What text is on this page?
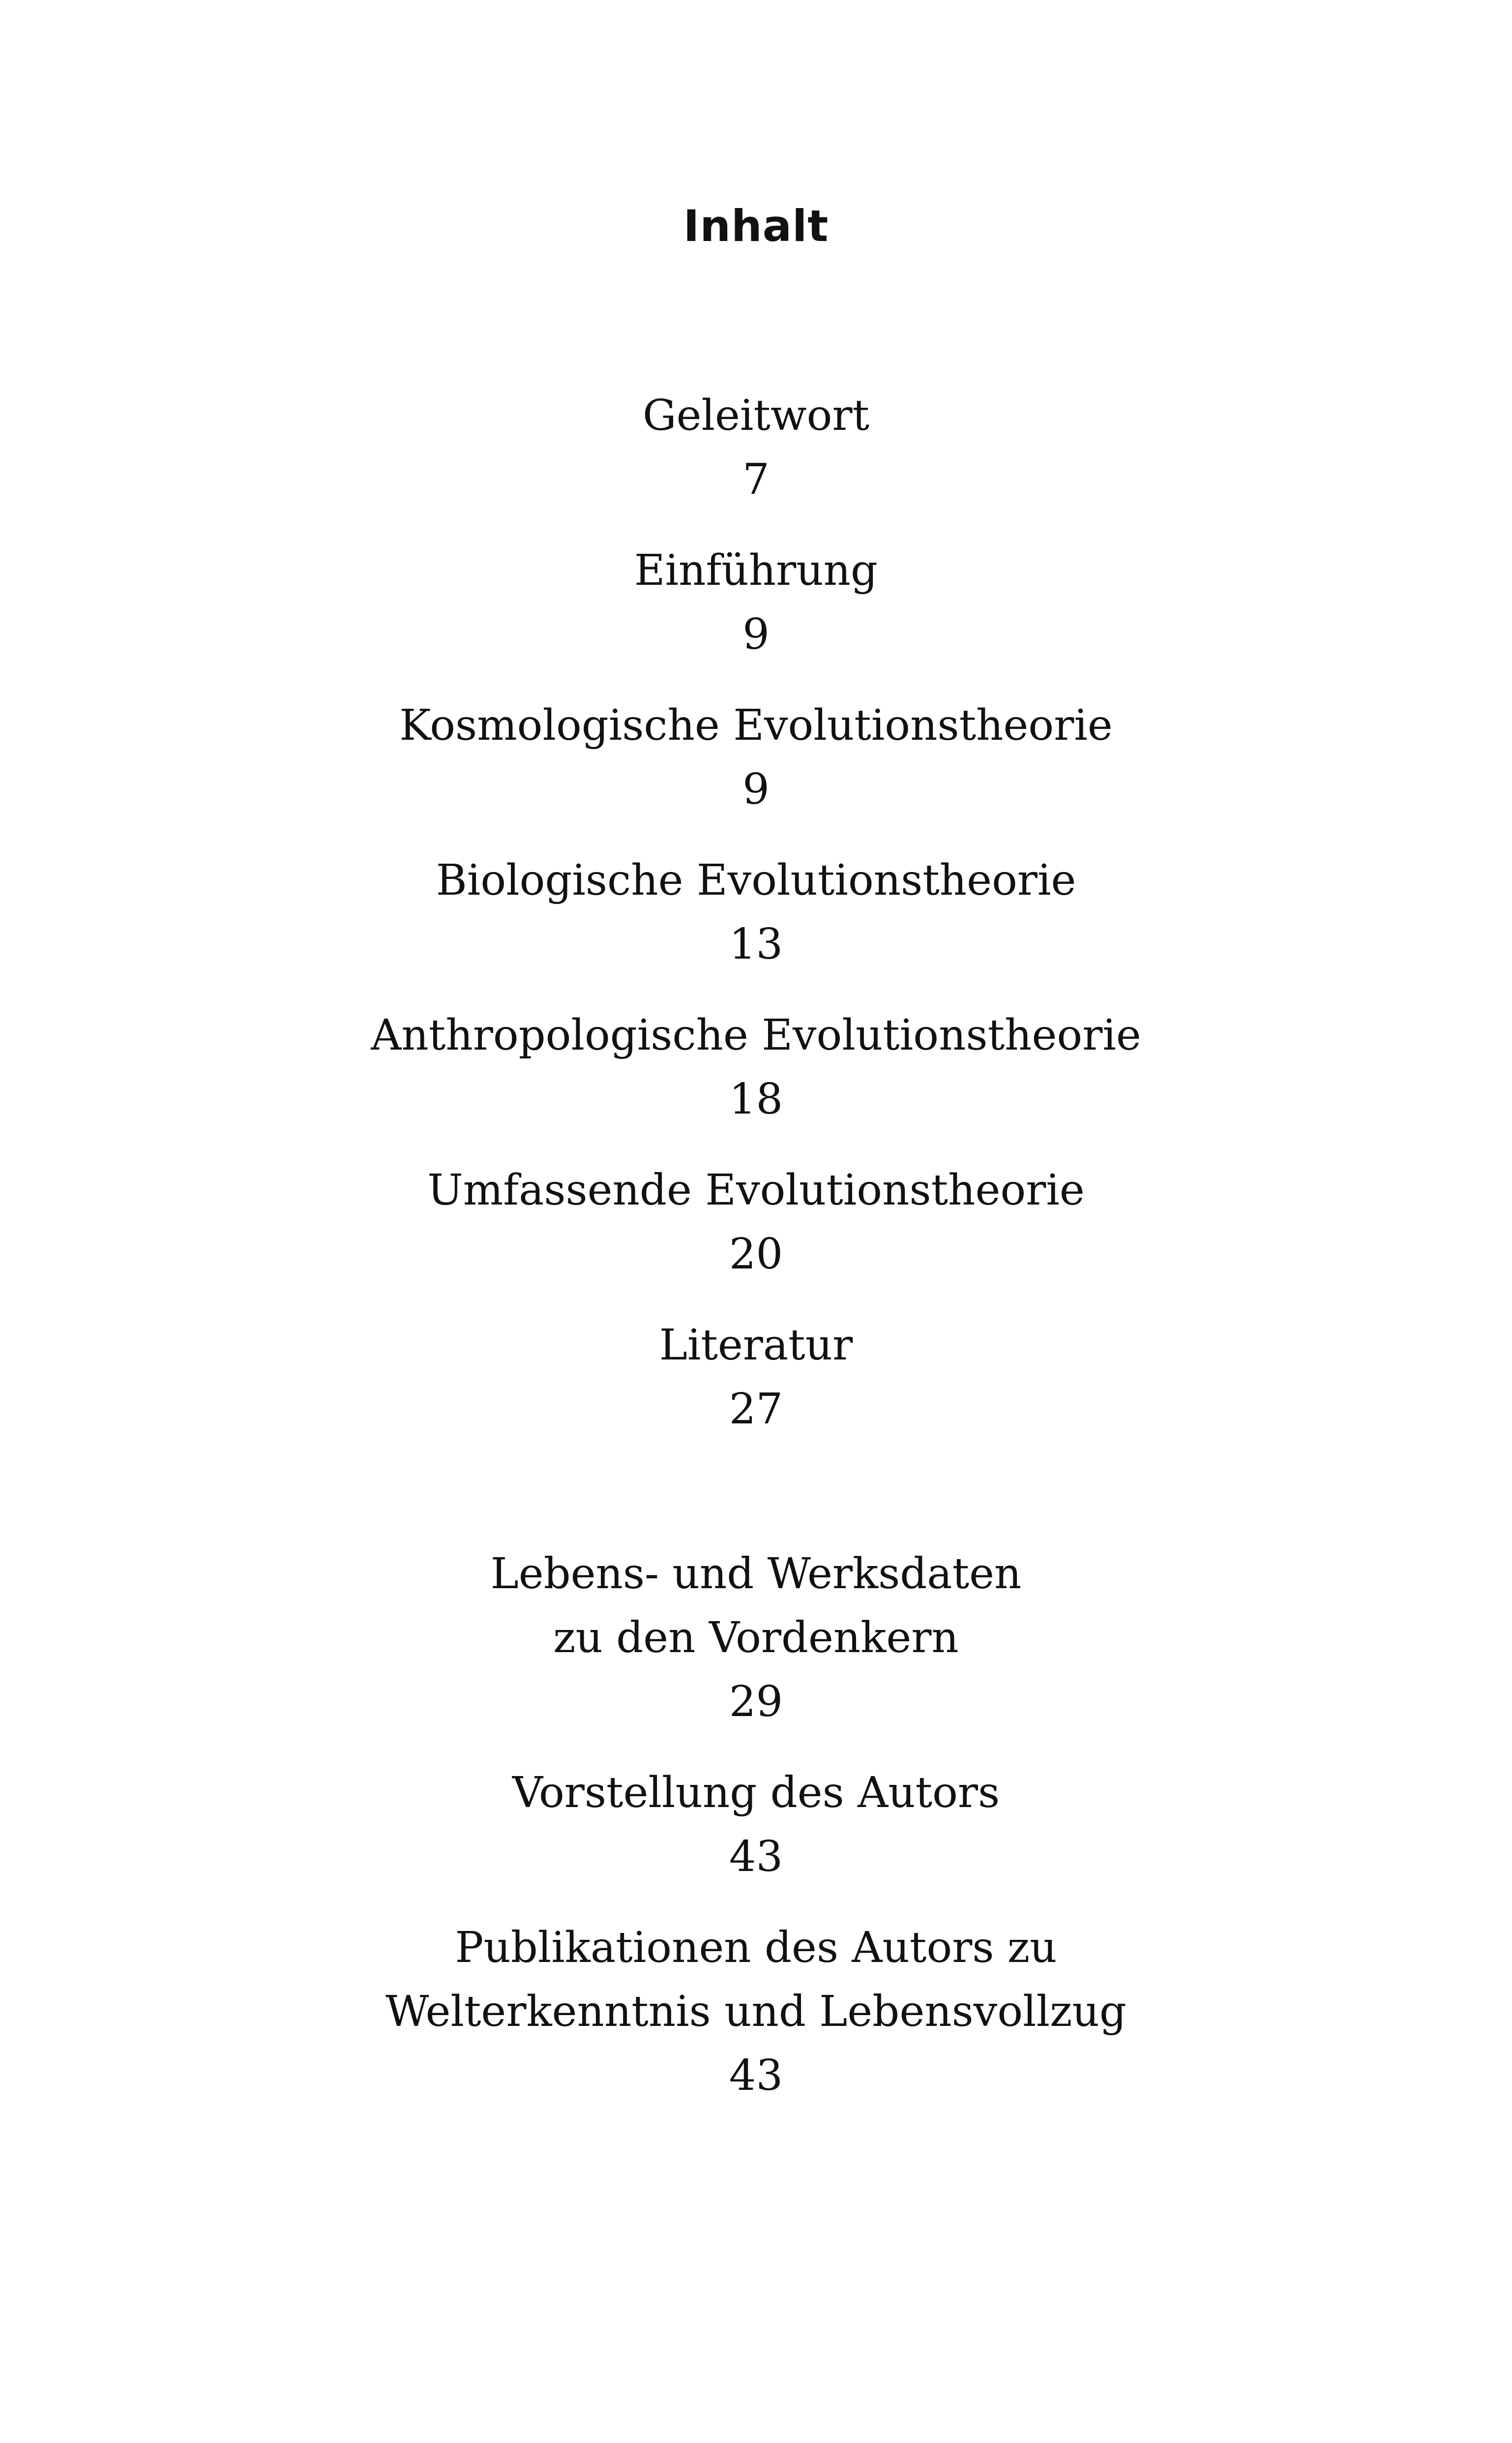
Inhalt
Geleitwort
7
Einführung
9
Kosmologische Evolutionstheorie
9
Biologische Evolutionstheorie
13
Anthropologische Evolutionstheorie
18
Umfassende Evolutionstheorie
20
Literatur
27
Lebens- und Werksdaten
zu den Vordenkern
29
Vorstellung des Autors
43
Publikationen des Autors zu
Welterkenntnis und Lebensvollzug
43
